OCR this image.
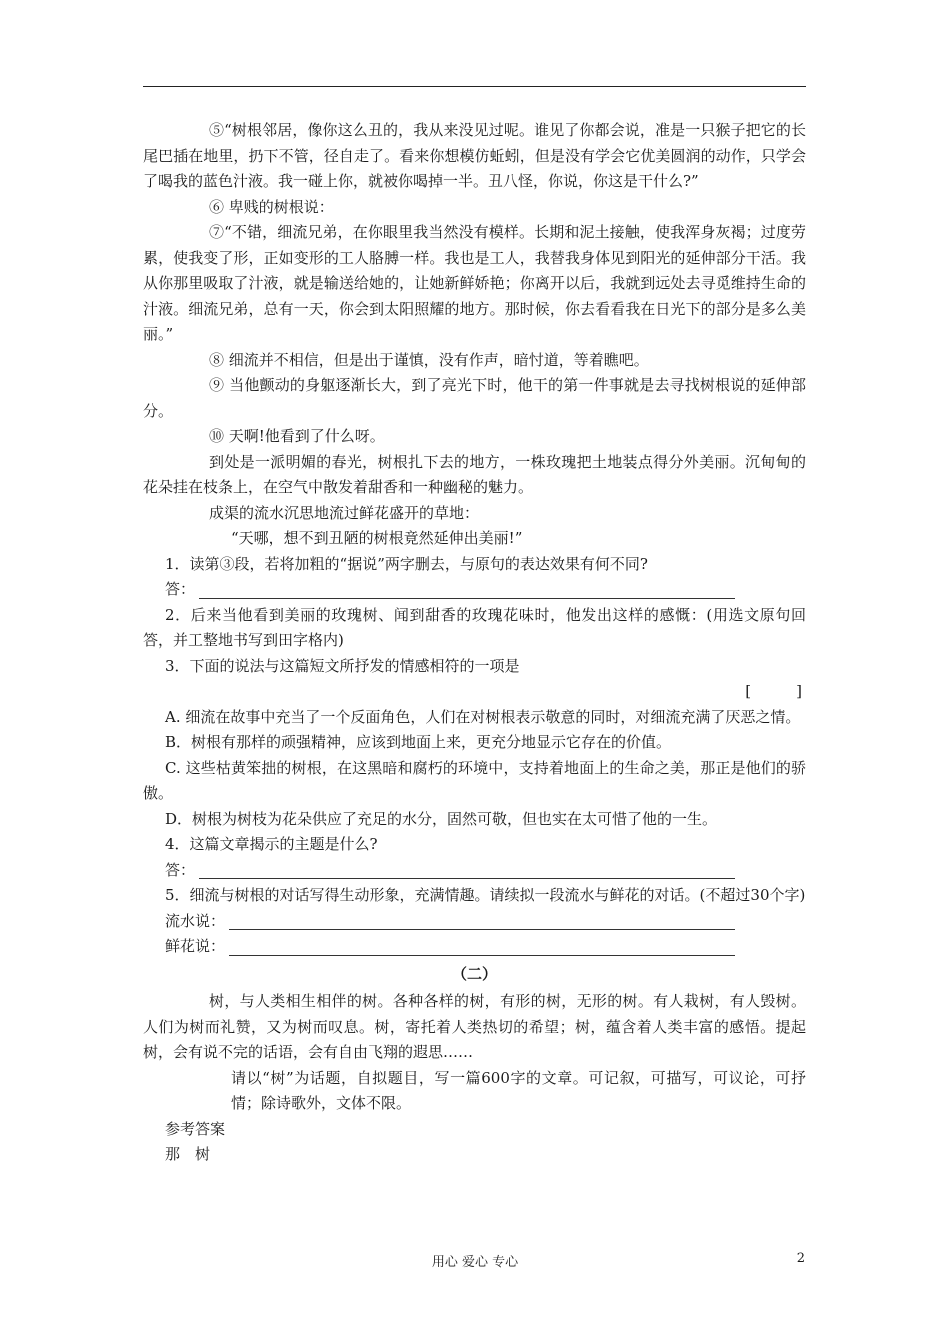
⑤“树根邻居，像你这么丑的，我从来没见过呢。谁见了你都会说，准是一只猴子把它的长尾巴插在地里，扔下不管，径自走了。看来你想模仿蚯蚓，但是没有学会它优美圆润的动作，只学会了喝我的蓝色汁液。我一碰上你，就被你喝掉一半。丑八怪，你说，你这是干什么?”

⑥ 卑贱的树根说：

⑦“不错，细流兄弟，在你眼里我当然没有模样。长期和泥土接触，使我浑身灰褐；过度劳累，使我变了形，正如变形的工人胳膊一样。我也是工人，我替我身体见到阳光的延伸部分干活。我从你那里吸取了汁液，就是输送给她的，让她新鲜娇艳；你离开以后，我就到远处去寻觅维持生命的汁液。细流兄弟，总有一天，你会到太阳照耀的地方。那时候，你去看看我在日光下的部分是多么美丽。”

⑧ 细流并不相信，但是出于谨慎，没有作声，暗忖道，等着瞧吧。

⑨ 当他颤动的身躯逐渐长大，到了亮光下时，他干的第一件事就是去寻找树根说的延伸部分。

⑩ 天啊!他看到了什么呀。

到处是一派明媚的春光，树根扎下去的地方，一株玫瑰把土地装点得分外美丽。沉甸甸的花朵挂在枝条上，在空气中散发着甜香和一种幽秘的魅力。

成渠的流水沉思地流过鲜花盛开的草地：

“天哪，想不到丑陋的树根竟然延伸出美丽!”

1．读第③段，若将加粗的“据说”两字删去，与原句的表达效果有何不同?

答：

2．后来当他看到美丽的玫瑰树、闻到甜香的玫瑰花味时，他发出这样的感慨：(用选文原句回答，并工整地书写到田字格内)

3．下面的说法与这篇短文所抒发的情感相符的一项是

[　　　]

A. 细流在故事中充当了一个反面角色，人们在对树根表示敬意的同时，对细流充满了厌恶之情。

B．树根有那样的顽强精神，应该到地面上来，更充分地显示它存在的价值。

C. 这些枯黄笨拙的树根，在这黑暗和腐朽的环境中，支持着地面上的生命之美，那正是他们的骄傲。

D．树根为树枝为花朵供应了充足的水分，固然可敬，但也实在太可惜了他的一生。

4．这篇文章揭示的主题是什么?

答：

5．细流与树根的对话写得生动形象，充满情趣。请续拟一段流水与鲜花的对话。(不超过30个字)

流水说：
鲜花说：

（二）

树，与人类相生相伴的树。各种各样的树，有形的树，无形的树。有人栽树，有人毁树。人们为树而礼赞，又为树而叹息。树，寄托着人类热切的希望；树，蕴含着人类丰富的感悟。提起树，会有说不完的话语，会有自由飞翔的遐思……

请以“树”为话题，自拟题目，写一篇600字的文章。可记叙，可描写，可议论，可抒情；除诗歌外，文体不限。

参考答案

那　树

用心 爱心 专心	2
